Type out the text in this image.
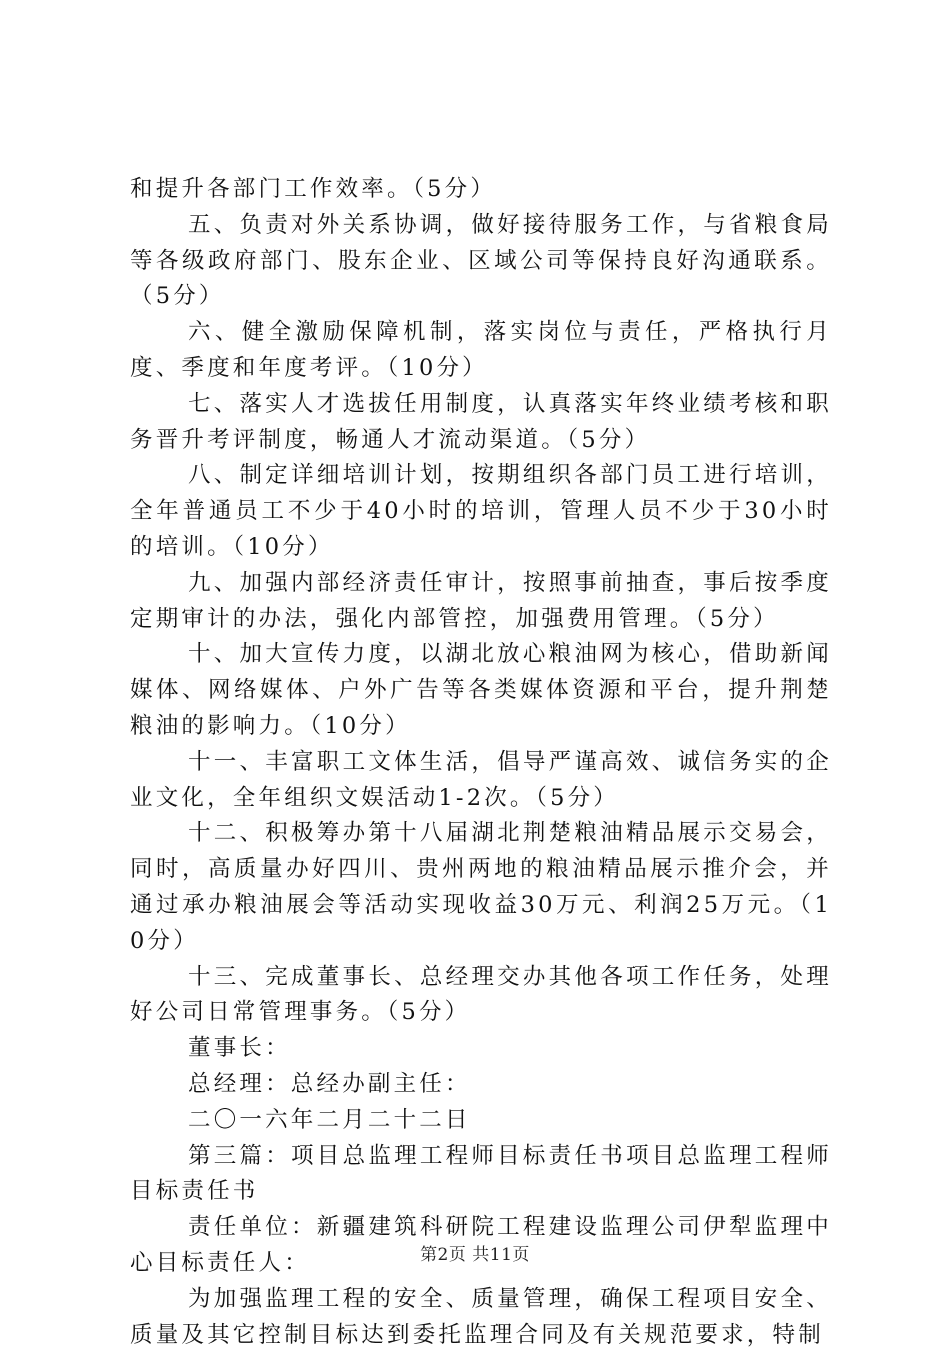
和提升各部门工作效率。（5分）

五、负责对外关系协调，做好接待服务工作，与省粮食局等各级政府部门、股东企业、区域公司等保持良好沟通联系。（5分）

六、健全激励保障机制，落实岗位与责任，严格执行月度、季度和年度考评。（10分）

七、落实人才选拔任用制度，认真落实年终业绩考核和职务晋升考评制度，畅通人才流动渠道。（5分）

八、制定详细培训计划，按期组织各部门员工进行培训，全年普通员工不少于40小时的培训，管理人员不少于30小时的培训。（10分）

九、加强内部经济责任审计，按照事前抽查，事后按季度定期审计的办法，强化内部管控，加强费用管理。（5分）

十、加大宣传力度，以湖北放心粮油网为核心，借助新闻媒体、网络媒体、户外广告等各类媒体资源和平台，提升荆楚粮油的影响力。（10分）

十一、丰富职工文体生活，倡导严谨高效、诚信务实的企业文化，全年组织文娱活动1-2次。（5分）

十二、积极筹办第十八届湖北荆楚粮油精品展示交易会，同时，高质量办好四川、贵州两地的粮油精品展示推介会，并通过承办粮油展会等活动实现收益30万元、利润25万元。（10分）

十三、完成董事长、总经理交办其他各项工作任务，处理好公司日常管理事务。（5分）

董事长：

总经理：总经办副主任：

二〇一六年二月二十二日

第三篇：项目总监理工程师目标责任书项目总监理工程师目标责任书

责任单位：新疆建筑科研院工程建设监理公司伊犁监理中心目标责任人：

为加强监理工程的安全、质量管理，确保工程项目安全、质量及其它控制目标达到委托监理合同及有关规范要求，特制

第2页 共11页
